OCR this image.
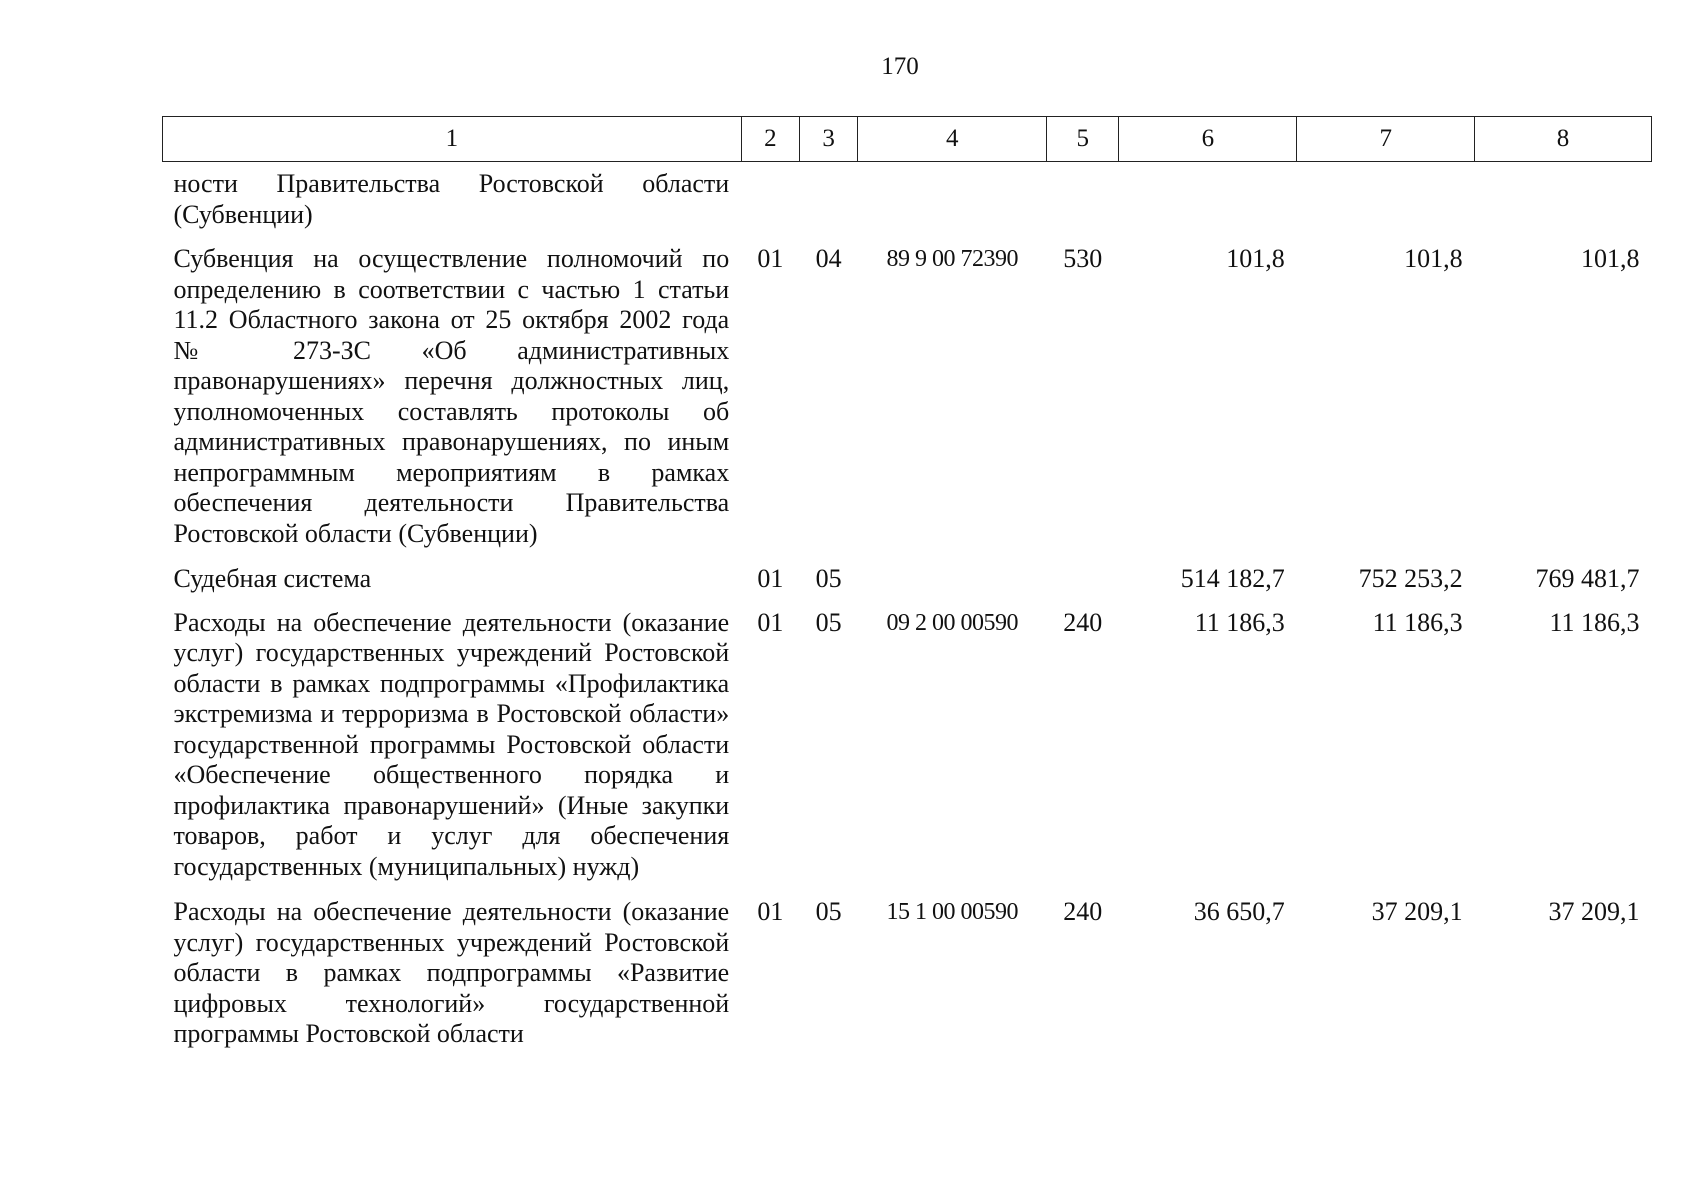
170
1	2	3	4	5	6	7	8
ности Правительства Ростовской области (Субвенции)							
Субвенция на осуществление полномочий по определению в соответствии с частью 1 статьи 11.2 Областного закона от 25 октября 2002 года № 273-ЗС «Об административных правонарушениях» перечня должностных лиц, уполномоченных составлять протоколы об административных правонарушениях, по иным непрограммным мероприятиям в рамках обеспечения деятельности Правительства Ростовской области (Субвенции)	01	04	89 9 00 72390	530	101,8	101,8	101,8
Судебная система	01	05			514 182,7	752 253,2	769 481,7
Расходы на обеспечение деятельности (оказание услуг) государственных учреждений Ростовской области в рамках подпрограммы «Профилактика экстремизма и терроризма в Ростовской области» государственной программы Ростовской области «Обеспечение общественного порядка и профилактика правонарушений» (Иные закупки товаров, работ и услуг для обеспечения государственных (муниципальных) нужд)	01	05	09 2 00 00590	240	11 186,3	11 186,3	11 186,3
Расходы на обеспечение деятельности (оказание услуг) государственных учреждений Ростовской области в рамках подпрограммы «Развитие цифровых технологий» государственной программы Ростовской области	01	05	15 1 00 00590	240	36 650,7	37 209,1	37 209,1
